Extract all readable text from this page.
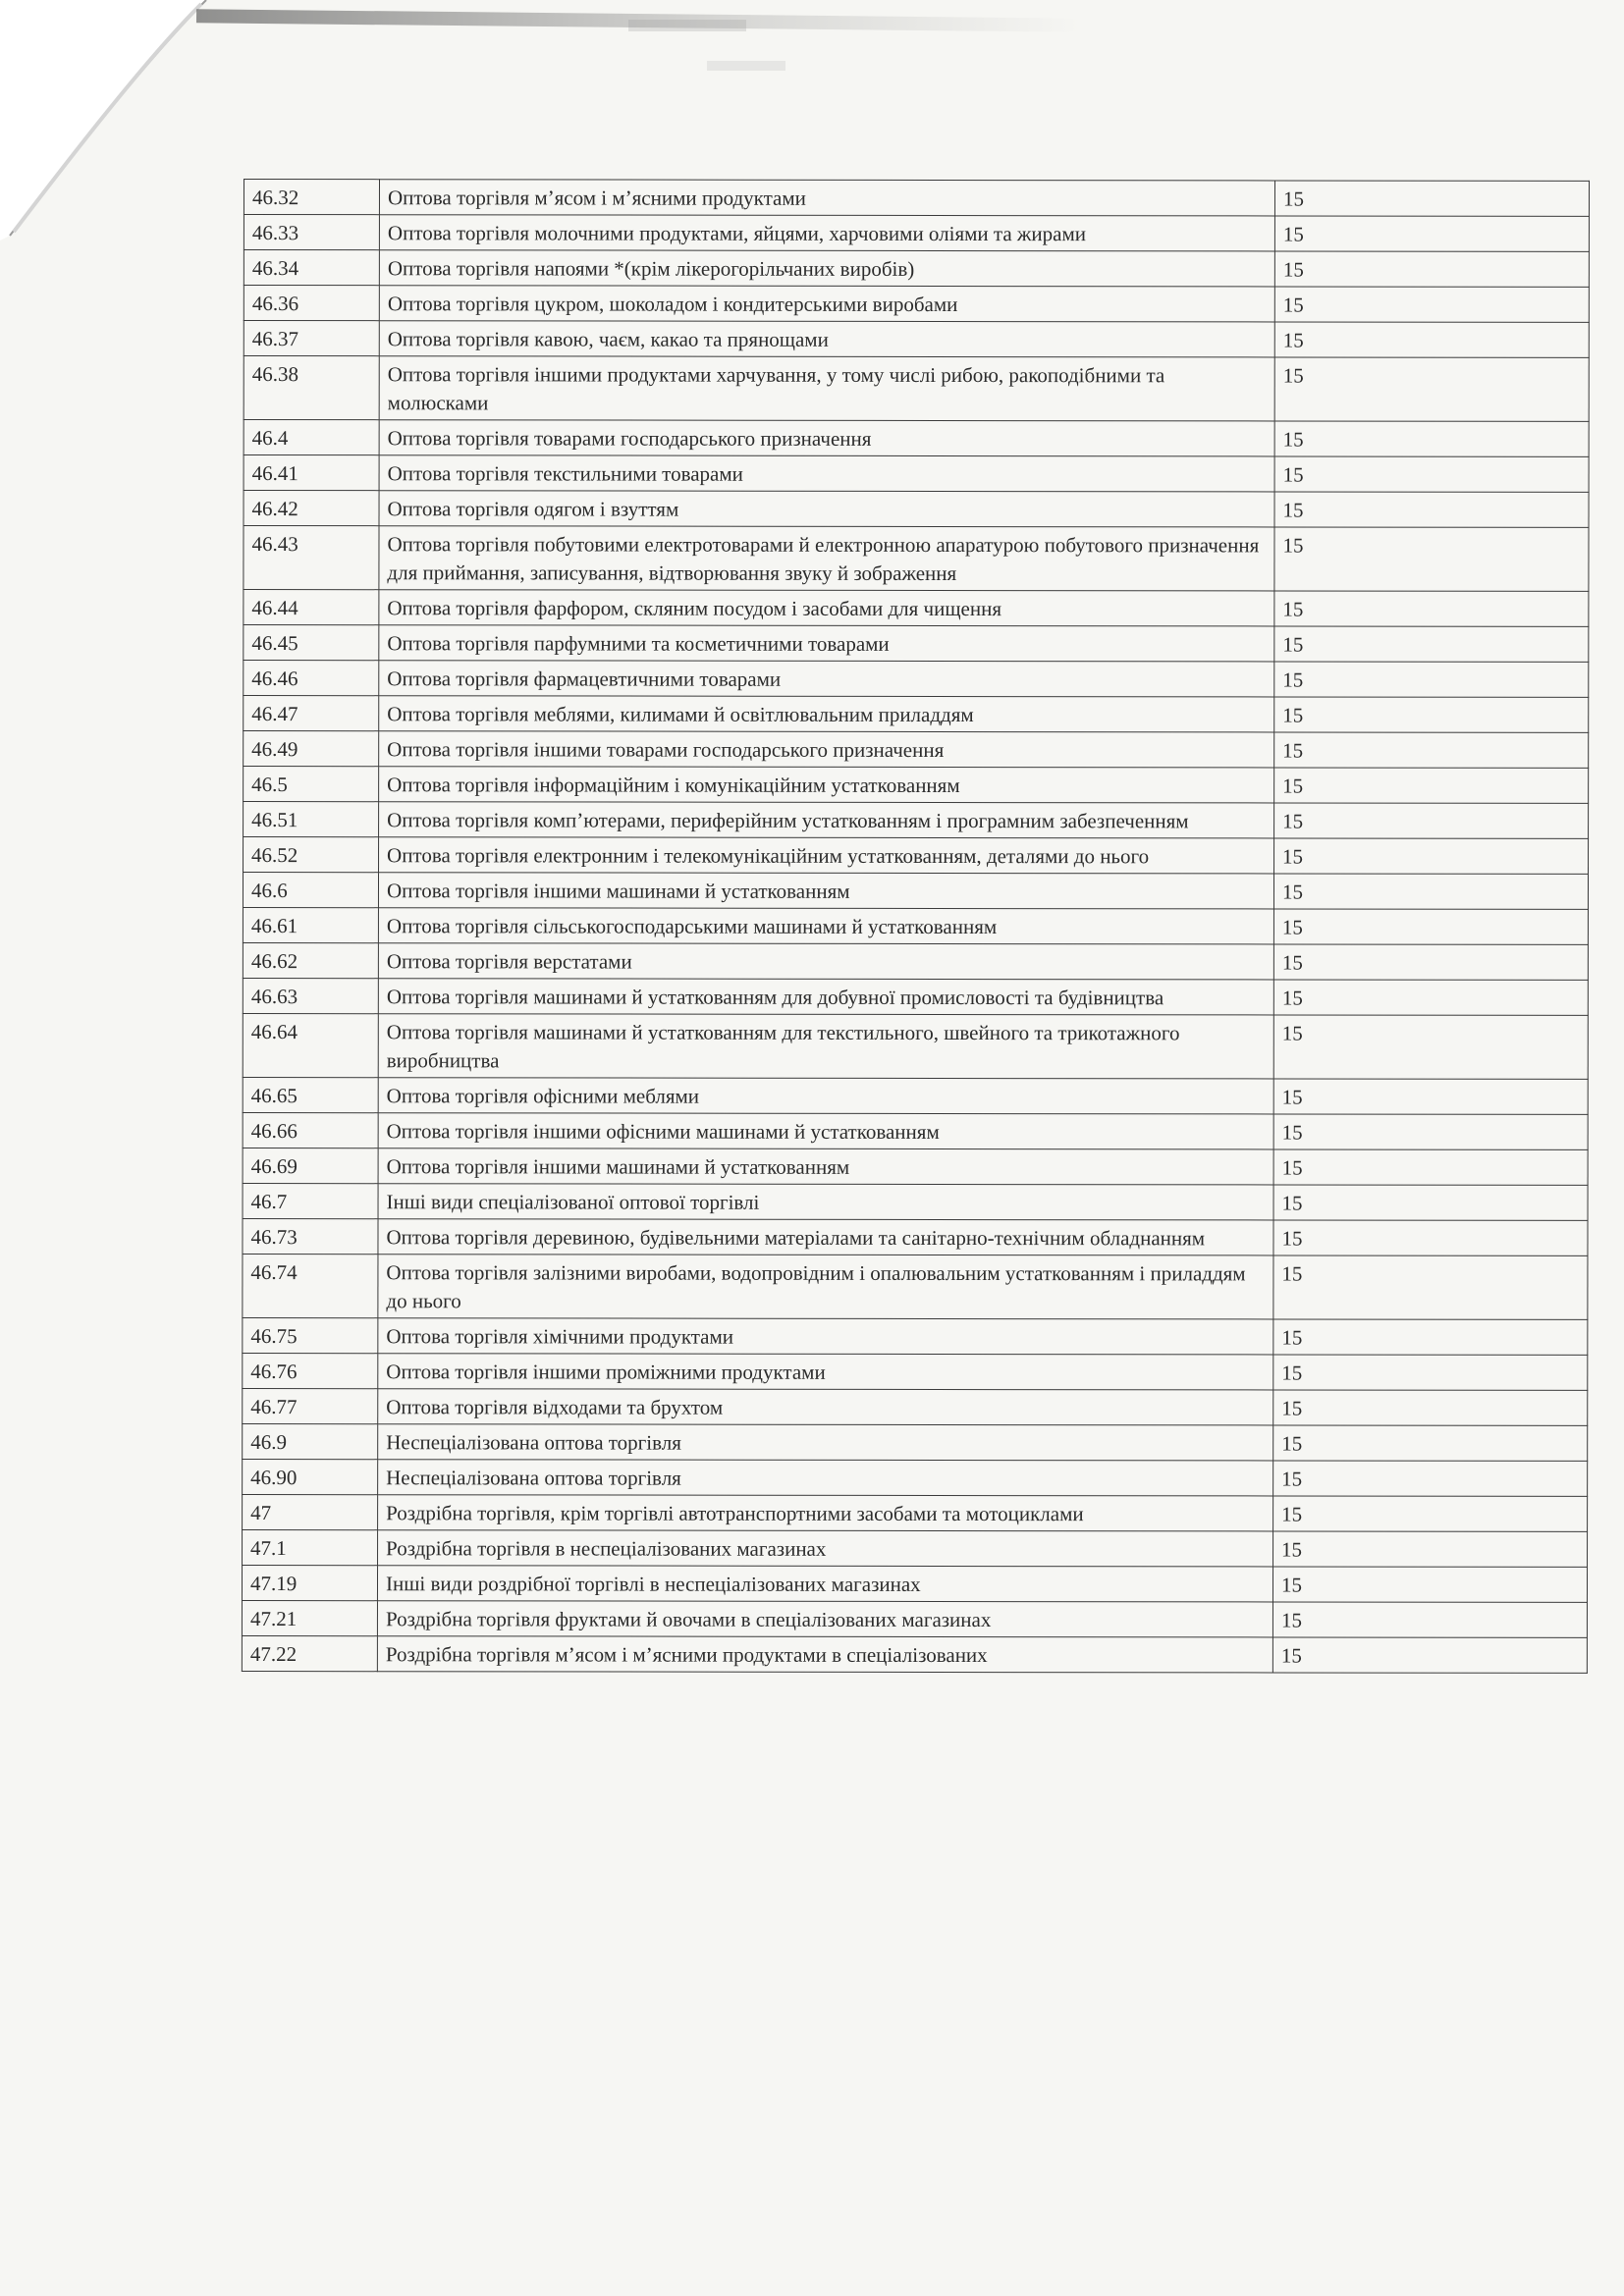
46.32	Оптова торгівля м’ясом і м’ясними продуктами	15
46.33	Оптова торгівля молочними продуктами, яйцями, харчовими оліями та жирами	15
46.34	Оптова торгівля напоями *(крім лікерогорільчаних виробів)	15
46.36	Оптова торгівля цукром, шоколадом і кондитерськими виробами	15
46.37	Оптова торгівля кавою, чаєм, какао та прянощами	15
46.38	Оптова торгівля іншими продуктами харчування, у тому числі рибою, ракоподібними та молюсками	15
46.4	Оптова торгівля товарами господарського призначення	15
46.41	Оптова торгівля текстильними товарами	15
46.42	Оптова торгівля одягом і взуттям	15
46.43	Оптова торгівля побутовими електротоварами й електронною апаратурою побутового призначення для приймання, записування, відтворювання звуку й зображення	15
46.44	Оптова торгівля фарфором, скляним посудом і засобами для чищення	15
46.45	Оптова торгівля парфумними та косметичними товарами	15
46.46	Оптова торгівля фармацевтичними товарами	15
46.47	Оптова торгівля меблями, килимами й освітлювальним приладдям	15
46.49	Оптова торгівля іншими товарами господарського призначення	15
46.5	Оптова торгівля інформаційним і комунікаційним устаткованням	15
46.51	Оптова торгівля комп’ютерами, периферійним устаткованням і програмним забезпеченням	15
46.52	Оптова торгівля електронним і телекомунікаційним устаткованням, деталями до нього	15
46.6	Оптова торгівля іншими машинами й устаткованням	15
46.61	Оптова торгівля сільськогосподарськими машинами й устаткованням	15
46.62	Оптова торгівля верстатами	15
46.63	Оптова торгівля машинами й устаткованням для добувної промисловості та будівництва	15
46.64	Оптова торгівля машинами й устаткованням для текстильного, швейного та трикотажного виробництва	15
46.65	Оптова торгівля офісними меблями	15
46.66	Оптова торгівля іншими офісними машинами й устаткованням	15
46.69	Оптова торгівля іншими машинами й устаткованням	15
46.7	Інші види спеціалізованої оптової торгівлі	15
46.73	Оптова торгівля деревиною, будівельними матеріалами та санітарно-технічним обладнанням	15
46.74	Оптова торгівля залізними виробами, водопровідним і опалювальним устаткованням і приладдям до нього	15
46.75	Оптова торгівля хімічними продуктами	15
46.76	Оптова торгівля іншими проміжними продуктами	15
46.77	Оптова торгівля відходами та брухтом	15
46.9	Неспеціалізована оптова торгівля	15
46.90	Неспеціалізована оптова торгівля	15
47	Роздрібна торгівля, крім торгівлі автотранспортними засобами та мотоциклами	15
47.1	Роздрібна торгівля в неспеціалізованих магазинах	15
47.19	Інші види роздрібної торгівлі в неспеціалізованих магазинах	15
47.21	Роздрібна торгівля фруктами й овочами в спеціалізованих магазинах	15
47.22	Роздрібна торгівля м’ясом і м’ясними продуктами в спеціалізованих	15
